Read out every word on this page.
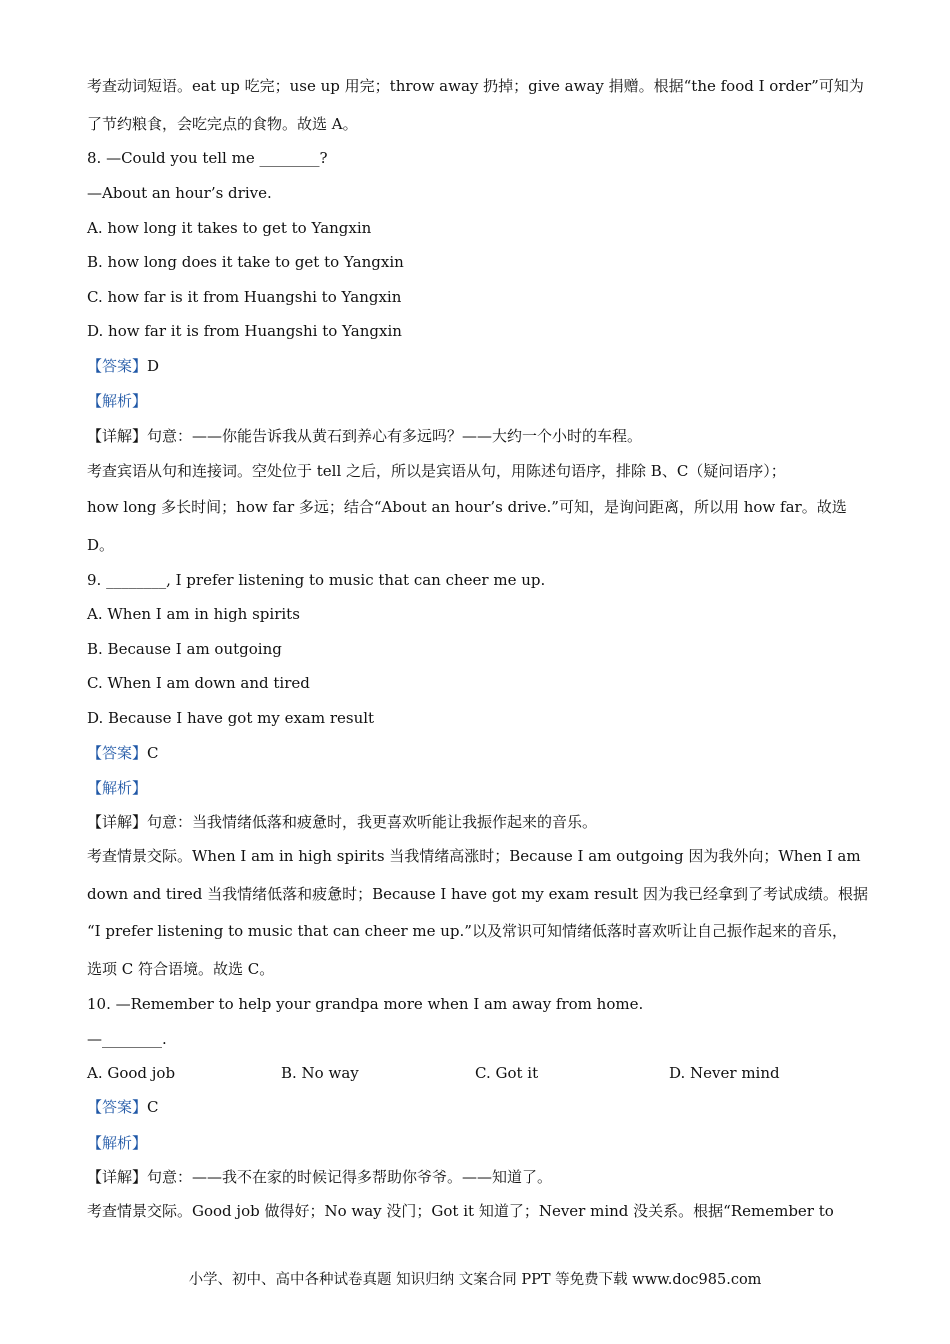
考查动词短语。eat up 吃完；use up 用完；throw away 扔掉；give away 捐赠。根据“the food I order”可知为
了节约粮食，会吃完点的食物。故选 A。
8. —Could you tell me ________?
—About an hour’s drive.
A. how long it takes to get to Yangxin
B. how long does it take to get to Yangxin
C. how far is it from Huangshi to Yangxin
D. how far it is from Huangshi to Yangxin
【答案】D
【解析】
【详解】句意：——你能告诉我从黄石到养心有多远吗？——大约一个小时的车程。
考查宾语从句和连接词。空处位于 tell 之后，所以是宾语从句，用陈述句语序，排除 B、C（疑问语序）；
how long 多长时间；how far 多远；结合“About an hour’s drive.”可知，是询问距离，所以用 how far。故选
D。
9. ________, I prefer listening to music that can cheer me up.
A. When I am in high spirits
B. Because I am outgoing
C. When I am down and tired
D. Because I have got my exam result
【答案】C
【解析】
【详解】句意：当我情绪低落和疲惫时，我更喜欢听能让我振作起来的音乐。
考查情景交际。When I am in high spirits 当我情绪高涨时；Because I am outgoing 因为我外向；When I am
down and tired 当我情绪低落和疲惫时；Because I have got my exam result 因为我已经拿到了考试成绩。根据
“I prefer listening to music that can cheer me up.”以及常识可知情绪低落时喜欢听让自己振作起来的音乐，
选项 C 符合语境。故选 C。
10. —Remember to help your grandpa more when I am away from home.
—________.
A. Good job	B. No way	C. Got it	D. Never mind
【答案】C
【解析】
【详解】句意：——我不在家的时候记得多帮助你爷爷。——知道了。
考查情景交际。Good job 做得好；No way 没门；Got it 知道了；Never mind 没关系。根据“Remember to
小学、初中、高中各种试卷真题 知识归纳 文案合同 PPT 等免费下载 www.doc985.com
